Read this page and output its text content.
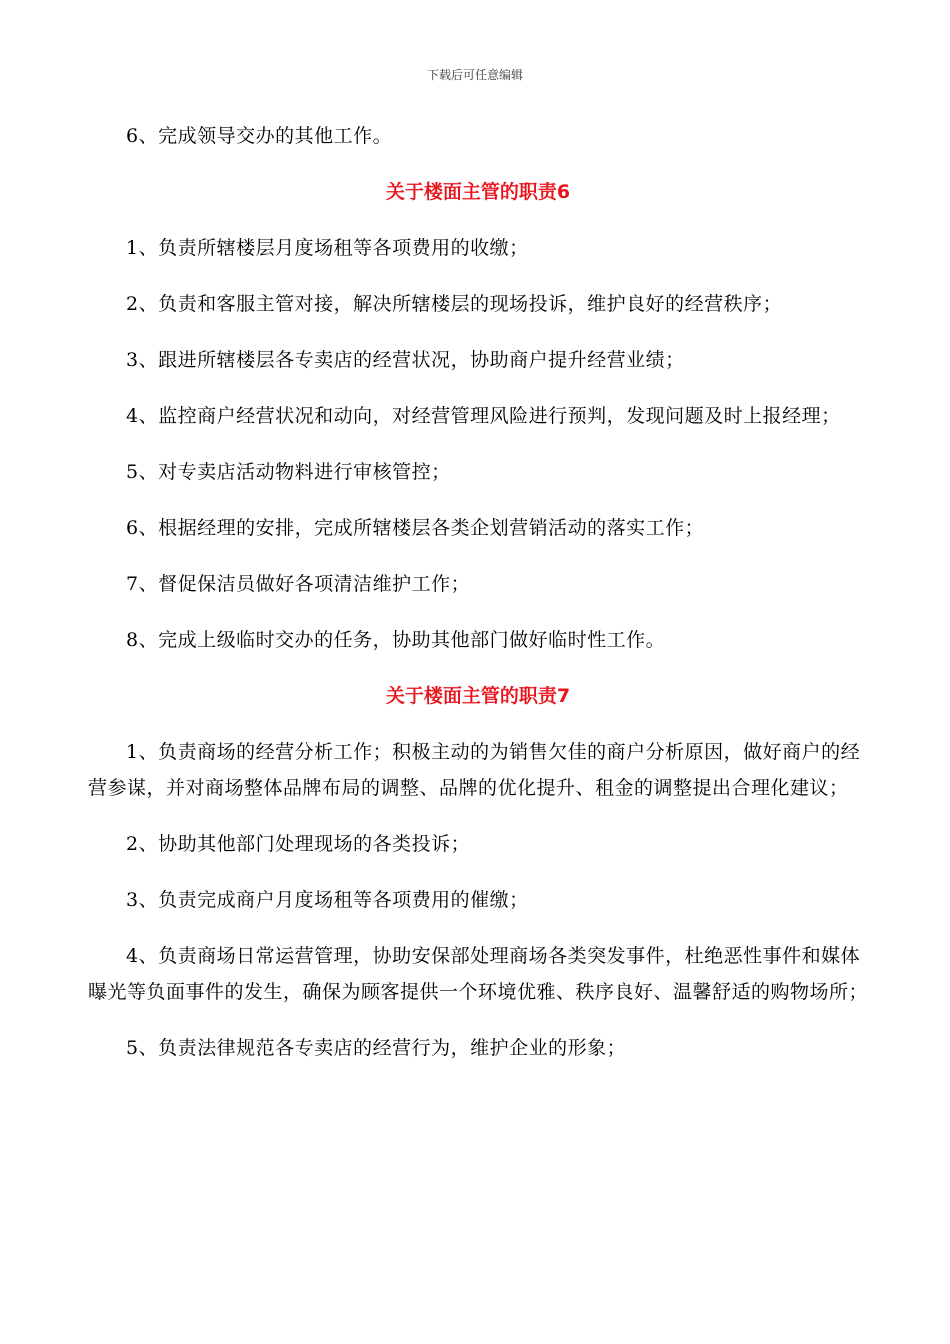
下载后可任意编辑

6、完成领导交办的其他工作。

关于楼面主管的职责6

1、负责所辖楼层月度场租等各项费用的收缴；

2、负责和客服主管对接，解决所辖楼层的现场投诉，维护良好的经营秩序；

3、跟进所辖楼层各专卖店的经营状况，协助商户提升经营业绩；

4、监控商户经营状况和动向，对经营管理风险进行预判，发现问题及时上报经理；

5、对专卖店活动物料进行审核管控；

6、根据经理的安排，完成所辖楼层各类企划营销活动的落实工作；

7、督促保洁员做好各项清洁维护工作；

8、完成上级临时交办的任务，协助其他部门做好临时性工作。

关于楼面主管的职责7

1、负责商场的经营分析工作；积极主动的为销售欠佳的商户分析原因，做好商户的经营参谋，并对商场整体品牌布局的调整、品牌的优化提升、租金的调整提出合理化建议；

2、协助其他部门处理现场的各类投诉；

3、负责完成商户月度场租等各项费用的催缴；

4、负责商场日常运营管理，协助安保部处理商场各类突发事件，杜绝恶性事件和媒体曝光等负面事件的发生，确保为顾客提供一个环境优雅、秩序良好、温馨舒适的购物场所；

5、负责法律规范各专卖店的经营行为，维护企业的形象；
